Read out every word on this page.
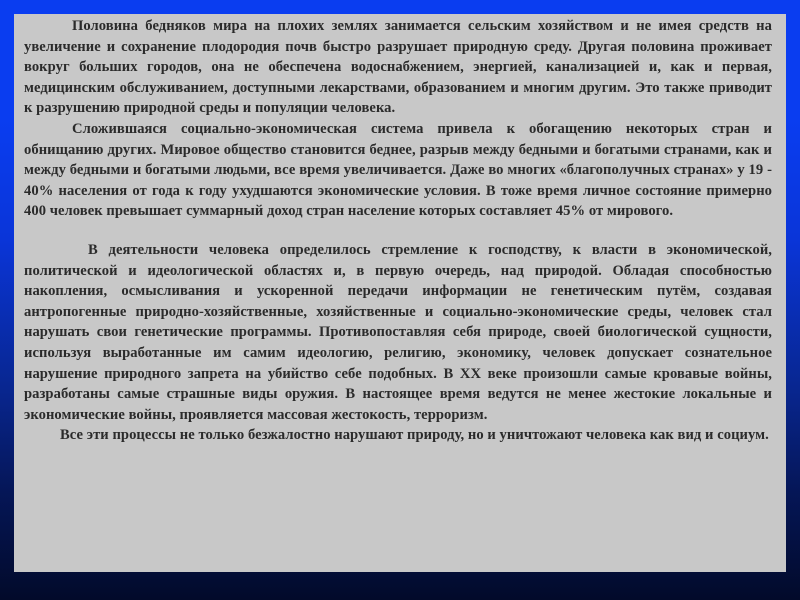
Половина бедняков мира на плохих землях занимается сельским хозяйством и не имея средств на увеличение и сохранение плодородия почв быстро разрушает природную среду. Другая половина проживает вокруг больших городов, она не обеспечена водоснабжением, энергией, канализацией и, как и первая, медицинским обслуживанием, доступными лекарствами, образованием и многим другим. Это также приводит к разрушению природной среды и популяции человека.

Сложившаяся социально-экономическая система привела к обогащению некоторых стран и обнищанию других. Мировое общество становится беднее, разрыв между бедными и богатыми странами, как и между бедными и богатыми людьми, все время увеличивается. Даже во многих «благополучных странах» у 19 - 40% населения от года к году ухудшаются экономические условия. В тоже время личное состояние примерно 400 человек превышает суммарный доход стран население которых составляет 45% от мирового.

В деятельности человека определилось стремление к господству, к власти в экономической, политической и идеологической областях и, в первую очередь, над природой. Обладая способностью накопления, осмысливания и ускоренной передачи информации не генетическим путём, создавая антропогенные природно-хозяйственные, хозяйственные и социально-экономические среды, человек стал нарушать свои генетические программы. Противопоставляя себя природе, своей биологической сущности, используя выработанные им самим идеологию, религию, экономику, человек допускает сознательное нарушение природного запрета на убийство себе подобных. В XX веке произошли самые кровавые войны, разработаны самые страшные виды оружия. В настоящее время ведутся не менее жестокие локальные и экономические войны, проявляется массовая жестокость, терроризм.

Все эти процессы не только безжалостно нарушают природу, но и уничтожают человека как вид и социум.
